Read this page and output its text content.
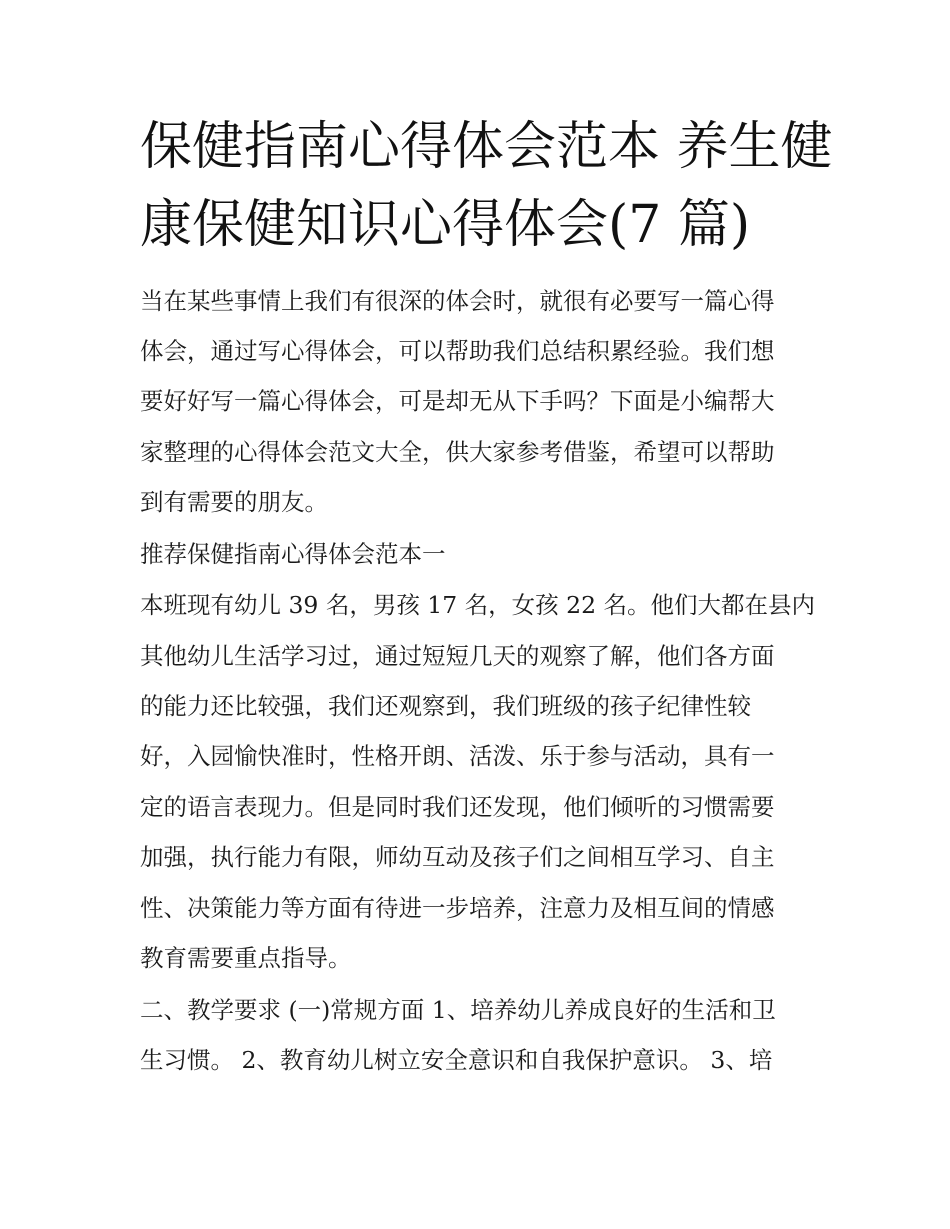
保健指南心得体会范本 养生健
康保健知识心得体会(7 篇)
当在某些事情上我们有很深的体会时，就很有必要写一篇心得
体会，通过写心得体会，可以帮助我们总结积累经验。我们想
要好好写一篇心得体会，可是却无从下手吗？下面是小编帮大
家整理的心得体会范文大全，供大家参考借鉴，希望可以帮助
到有需要的朋友。
推荐保健指南心得体会范本一
本班现有幼儿 39 名，男孩 17 名，女孩 22 名。他们大都在县内
其他幼儿生活学习过，通过短短几天的观察了解，他们各方面
的能力还比较强，我们还观察到，我们班级的孩子纪律性较
好，入园愉快准时，性格开朗、活泼、乐于参与活动，具有一
定的语言表现力。但是同时我们还发现，他们倾听的习惯需要
加强，执行能力有限，师幼互动及孩子们之间相互学习、自主
性、决策能力等方面有待进一步培养，注意力及相互间的情感
教育需要重点指导。
二、教学要求 (一)常规方面 1、培养幼儿养成良好的生活和卫
生习惯。 2、教育幼儿树立安全意识和自我保护意识。 3、培
